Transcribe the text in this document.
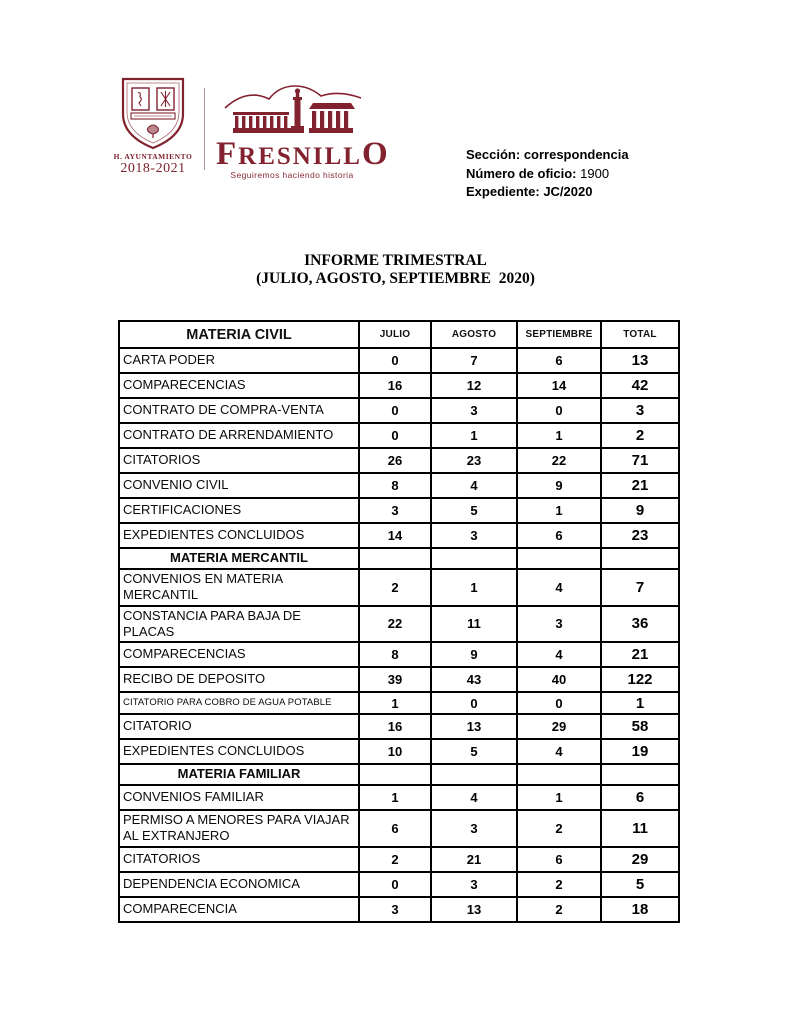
H. AYUNTAMIENTO
2018-2021 FRESNILLO
Seguiremos haciendo historia
Sección: correspondencia
Número de oficio: 1900
Expediente: JC/2020
INFORME TRIMESTRAL
(JULIO, AGOSTO, SEPTIEMBRE  2020)
MATERIA CIVIL	JULIO	AGOSTO	SEPTIEMBRE	TOTAL
CARTA PODER	0	7	6	13
COMPARECENCIAS	16	12	14	42
CONTRATO DE COMPRA-VENTA	0	3	0	3
CONTRATO DE ARRENDAMIENTO	0	1	1	2
CITATORIOS	26	23	22	71
CONVENIO CIVIL	8	4	9	21
CERTIFICACIONES	3	5	1	9
EXPEDIENTES CONCLUIDOS	14	3	6	23
MATERIA MERCANTIL				
CONVENIOS EN MATERIA MERCANTIL	2	1	4	7
CONSTANCIA PARA BAJA DE PLACAS	22	11	3	36
COMPARECENCIAS	8	9	4	21
RECIBO DE DEPOSITO	39	43	40	122
CITATORIO PARA COBRO DE AGUA POTABLE	1	0	0	1
CITATORIO	16	13	29	58
EXPEDIENTES CONCLUIDOS	10	5	4	19
MATERIA FAMILIAR				
CONVENIOS FAMILIAR	1	4	1	6
PERMISO A MENORES PARA VIAJAR AL EXTRANJERO	6	3	2	11
CITATORIOS	2	21	6	29
DEPENDENCIA ECONOMICA	0	3	2	5
COMPARECENCIA	3	13	2	18
